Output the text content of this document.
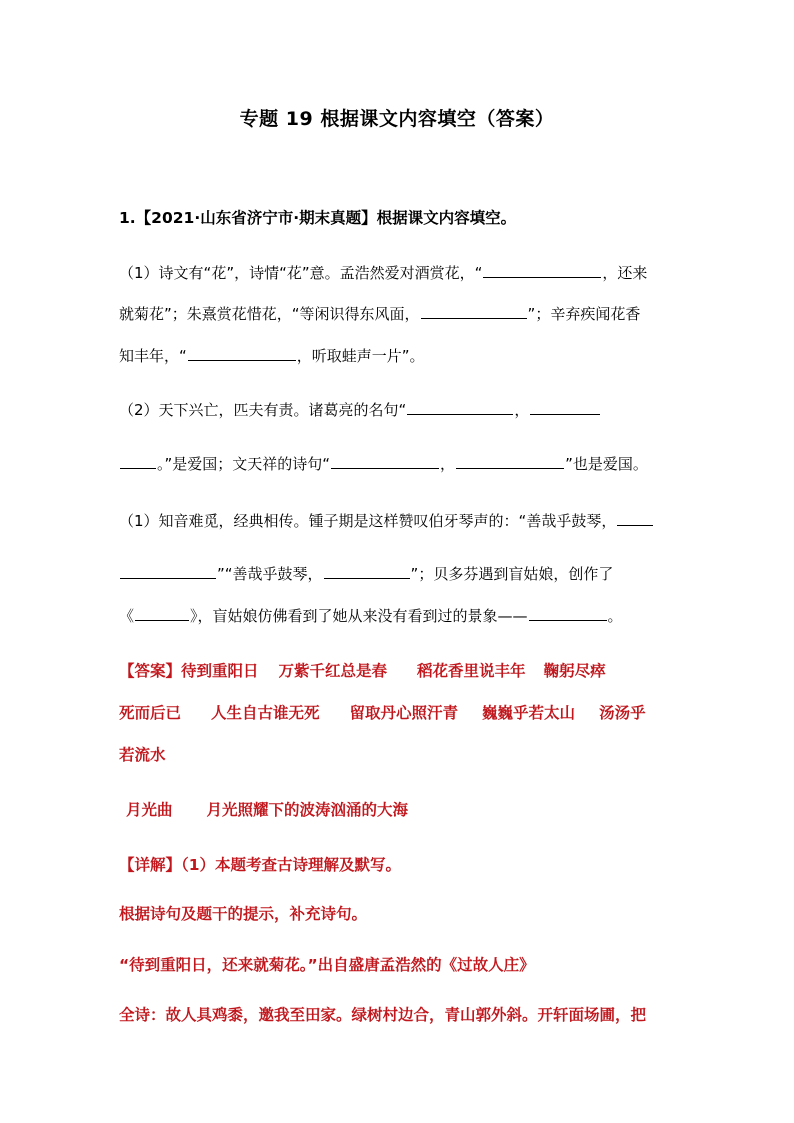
专题 19 根据课文内容填空（答案）
1.【2021·山东省济宁市·期末真题】根据课文内容填空。
（1）诗文有“花”，诗情“花”意。孟浩然爱对酒赏花，“	，还来
就菊花”；朱熹赏花惜花，“等闲识得东风面，	”；辛弃疾闻花香
知丰年，“	，听取蛙声一片”。
（2）天下兴亡，匹夫有责。诸葛亮的名句“	，
。”是爱国；文天祥的诗句“	，	”也是爱国。
（1）知音难觅，经典相传。锺子期是这样赞叹伯牙琴声的：“善哉乎鼓琴，
”“善哉乎鼓琴，	”；贝多芬遇到盲姑娘，创作了
《	》，盲姑娘仿佛看到了她从来没有看到过的景象——	。
【答案】待到重阳日 万紫千红总是春 稻花香里说丰年 鞠躬尽瘁
死而后已 人生自古谁无死 留取丹心照汗青 巍巍乎若太山 汤汤乎
若流水
月光曲 月光照耀下的波涛汹涌的大海
【详解】（1）本题考查古诗理解及默写。
根据诗句及题干的提示，补充诗句。
“待到重阳日，还来就菊花。”出自盛唐孟浩然的《过故人庄》
全诗：故人具鸡黍，邀我至田家。绿树村边合，青山郭外斜。开轩面场圃，把
